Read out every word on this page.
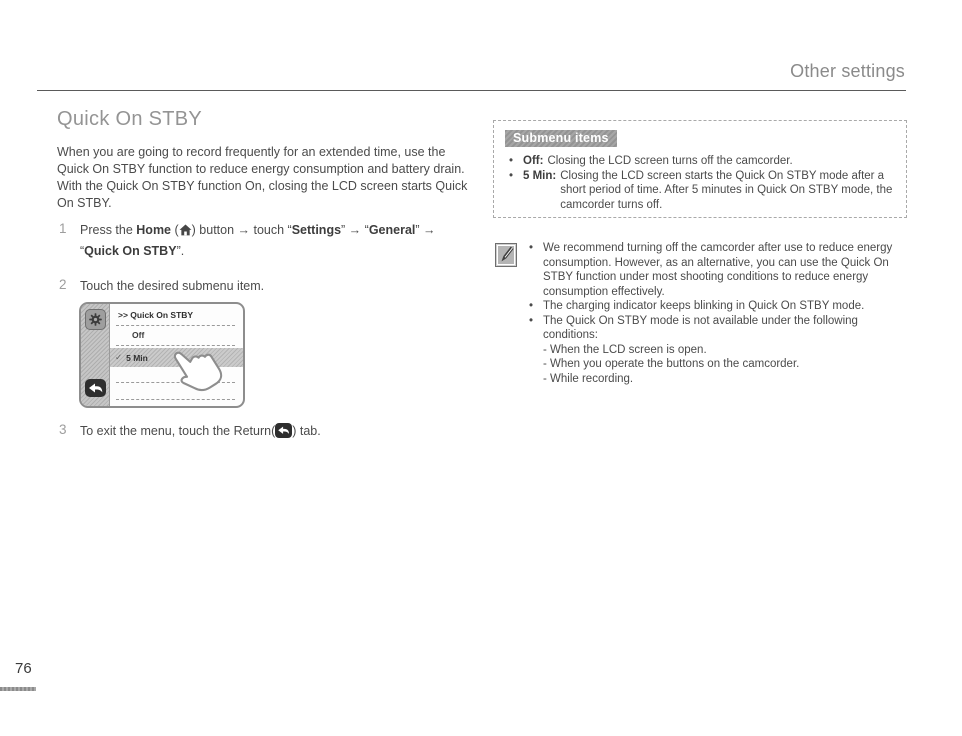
Other settings
Quick On STBY
When you are going to record frequently for an extended time, use the Quick On STBY function to reduce energy consumption and battery drain. With the Quick On STBY function On, closing the LCD screen starts Quick On STBY.
1	Press the Home ( ) button → touch “Settings” → “General” →
“Quick On STBY”.
2	Touch the desired submenu item.
>> Quick On STBY
Off
✓ 5 Min
3	To exit the menu, touch the Return( ) tab.
Submenu items
• Off: Closing the LCD screen turns off the camcorder.
• 5 Min: Closing the LCD screen starts the Quick On STBY mode after a short period of time. After 5 minutes in Quick On STBY mode, the camcorder turns off.
• We recommend turning off the camcorder after use to reduce energy consumption. However, as an alternative, you can use the Quick On STBY function under most shooting conditions to reduce energy consumption effectively.
• The charging indicator keeps blinking in Quick On STBY mode.
• The Quick On STBY mode is not available under the following conditions:
- When the LCD screen is open.
- When you operate the buttons on the camcorder.
- While recording.
76
